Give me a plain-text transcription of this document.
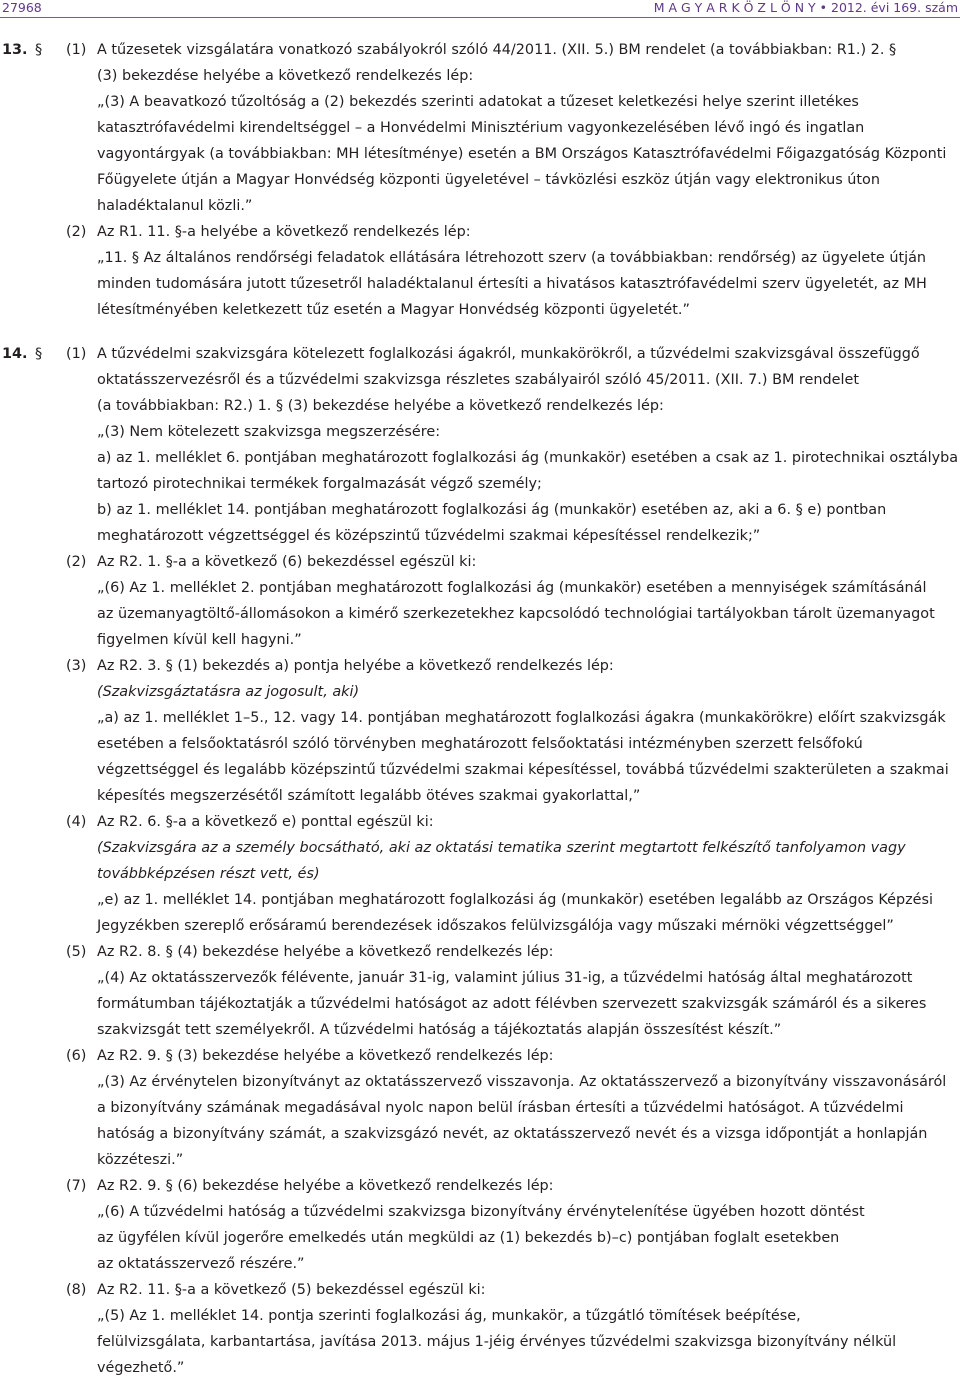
27968	M A G Y A R K Ö Z L Ö N Y • 2012. évi 169. szám
13. § (1) A tűzesetek vizsgálatára vonatkozó szabályokról szóló 44/2011. (XII. 5.) BM rendelet (a továbbiakban: R1.) 2. §
(3) bekezdése helyébe a következő rendelkezés lép:
„(3) A beavatkozó tűzoltóság a (2) bekezdés szerinti adatokat a tűzeset keletkezési helye szerint illetékes
katasztrófavédelmi kirendeltséggel – a Honvédelmi Minisztérium vagyonkezelésében lévő ingó és ingatlan
vagyontárgyak (a továbbiakban: MH létesítménye) esetén a BM Országos Katasztrófavédelmi Főigazgatóság Központi
Főügyelete útján a Magyar Honvédség központi ügyeletével – távközlési eszköz útján vagy elektronikus úton
haladéktalanul közli.”
(2) Az R1. 11. §-a helyébe a következő rendelkezés lép:
„11. § Az általános rendőrségi feladatok ellátására létrehozott szerv (a továbbiakban: rendőrség) az ügyelete útján
minden tudomására jutott tűzesetről haladéktalanul értesíti a hivatásos katasztrófavédelmi szerv ügyeletét, az MH
létesítményében keletkezett tűz esetén a Magyar Honvédség központi ügyeletét.”
14. § (1) A tűzvédelmi szakvizsgára kötelezett foglalkozási ágakról, munkakörökről, a tűzvédelmi szakvizsgával összefüggő
oktatásszervezésről és a tűzvédelmi szakvizsga részletes szabályairól szóló 45/2011. (XII. 7.) BM rendelet
(a továbbiakban: R2.) 1. § (3) bekezdése helyébe a következő rendelkezés lép:
„(3) Nem kötelezett szakvizsga megszerzésére:
a) az 1. melléklet 6. pontjában meghatározott foglalkozási ág (munkakör) esetében a csak az 1. pirotechnikai osztályba
tartozó pirotechnikai termékek forgalmazását végző személy;
b) az 1. melléklet 14. pontjában meghatározott foglalkozási ág (munkakör) esetében az, aki a 6. § e) pontban
meghatározott végzettséggel és középszintű tűzvédelmi szakmai képesítéssel rendelkezik;”
(2) Az R2. 1. §-a a következő (6) bekezdéssel egészül ki:
„(6) Az 1. melléklet 2. pontjában meghatározott foglalkozási ág (munkakör) esetében a mennyiségek számításánál
az üzemanyagtöltő-állomásokon a kimérő szerkezetekhez kapcsolódó technológiai tartályokban tárolt üzemanyagot
figyelmen kívül kell hagyni.”
(3) Az R2. 3. § (1) bekezdés a) pontja helyébe a következő rendelkezés lép:
(Szakvizsgáztatásra az jogosult, aki)
„a) az 1. melléklet 1–5., 12. vagy 14. pontjában meghatározott foglalkozási ágakra (munkakörökre) előírt szakvizsgák
esetében a felsőoktatásról szóló törvényben meghatározott felsőoktatási intézményben szerzett felsőfokú
végzettséggel és legalább középszintű tűzvédelmi szakmai képesítéssel, továbbá tűzvédelmi szakterületen a szakmai
képesítés megszerzésétől számított legalább ötéves szakmai gyakorlattal,”
(4) Az R2. 6. §-a a következő e) ponttal egészül ki:
(Szakvizsgára az a személy bocsátható, aki az oktatási tematika szerint megtartott felkészítő tanfolyamon vagy
továbbképzésen részt vett, és)
„e) az 1. melléklet 14. pontjában meghatározott foglalkozási ág (munkakör) esetében legalább az Országos Képzési
Jegyzékben szereplő erősáramú berendezések időszakos felülvizsgálója vagy műszaki mérnöki végzettséggel”
(5) Az R2. 8. § (4) bekezdése helyébe a következő rendelkezés lép:
„(4) Az oktatásszervezők félévente, január 31-ig, valamint július 31-ig, a tűzvédelmi hatóság által meghatározott
formátumban tájékoztatják a tűzvédelmi hatóságot az adott félévben szervezett szakvizsgák számáról és a sikeres
szakvizsgát tett személyekről. A tűzvédelmi hatóság a tájékoztatás alapján összesítést készít.”
(6) Az R2. 9. § (3) bekezdése helyébe a következő rendelkezés lép:
„(3) Az érvénytelen bizonyítványt az oktatásszervező visszavonja. Az oktatásszervező a bizonyítvány visszavonásáról
a bizonyítvány számának megadásával nyolc napon belül írásban értesíti a tűzvédelmi hatóságot. A tűzvédelmi
hatóság a bizonyítvány számát, a szakvizsgázó nevét, az oktatásszervező nevét és a vizsga időpontját a honlapján
közzéteszi.”
(7) Az R2. 9. § (6) bekezdése helyébe a következő rendelkezés lép:
„(6) A tűzvédelmi hatóság a tűzvédelmi szakvizsga bizonyítvány érvénytelenítése ügyében hozott döntést
az ügyfélen kívül jogerőre emelkedés után megküldi az (1) bekezdés b)–c) pontjában foglalt esetekben
az oktatásszervező részére.”
(8) Az R2. 11. §-a a következő (5) bekezdéssel egészül ki:
„(5) Az 1. melléklet 14. pontja szerinti foglalkozási ág, munkakör, a tűzgátló tömítések beépítése,
felülvizsgálata, karbantartása, javítása 2013. május 1-jéig érvényes tűzvédelmi szakvizsga bizonyítvány nélkül
végezhető.”
